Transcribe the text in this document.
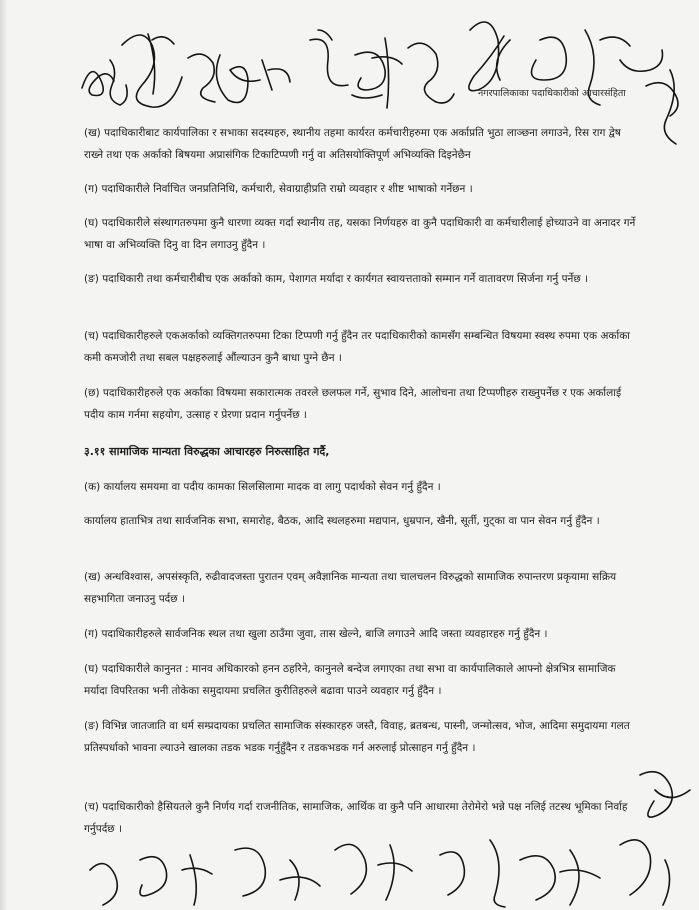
नगरपालिकाका पदाधिकारीको आचारसंहिता

(ख) पदाधिकारीबाट कार्यपालिका र सभाका सदस्यहरु, स्थानीय तहमा कार्यरत कर्मचारीहरुमा एक अर्काप्रति भुठा लाञ्छना लगाउने, रिस राग द्वेष राख्ने तथा एक अर्काको बिषयमा अप्रासंगिक टिकाटिप्पणी गर्नु वा अतिसयोक्तिपूर्ण अभिव्यक्ति दिइनेछैन

(ग) पदाधिकारीले निर्वाचित जनप्रतिनिधि, कर्मचारी, सेवाग्राहीप्रति राम्रो व्यवहार र शीष्ट भाषाको गर्नेछन ।

(घ) पदाधिकारीले संस्थागतरुपमा कुनै धारणा व्यक्त गर्दा स्थानीय तह, यसका निर्णयहरु वा कुनै पदाधिकारी वा कर्मचारीलाई होच्याउने वा अनादर गर्ने भाषा वा अभिव्यक्ति दिनु वा दिन लगाउनु हुँदैन ।

(ङ) पदाधिकारी तथा कर्मचारीबीच एक अर्काको काम, पेशागत मर्यादा र कार्यगत स्वायत्तताको सम्मान गर्ने वातावरण सिर्जना गर्नु पर्नेछ ।

(च) पदाधिकारीहरुले एकअर्काको व्यक्तिगतरुपमा टिका टिप्पणी गर्नु हुँदैन तर पदाधिकारीको कामसँग सम्बन्धित विषयमा स्वस्थ रुपमा एक अर्काका कमी कमजोरी तथा सबल पक्षहरुलाई औंल्याउन कुनै बाधा पुग्ने छैन ।

(छ) पदाधिकारीहरुले एक अर्काका विषयमा सकारात्मक तवरले छलफल गर्ने, सुभाव दिने, आलोचना तथा टिप्पणीहरु राख्नुपर्नेछ र एक अर्कालाई पदीय काम गर्नमा सहयोग, उत्साह र प्रेरणा प्रदान गर्नुपर्नेछ ।

३.११ सामाजिक मान्यता विरुद्धका आचारहरु निरुत्साहित गर्दै,

(क) कार्यालय समयमा वा पदीय कामका सिलसिलामा मादक वा लागु पदार्थको सेवन गर्नु हुँदैन ।

कार्यालय हाताभित्र तथा सार्वजनिक सभा, समारोह, बैठक, आदि स्थलहरुमा मद्यपान, धुम्रपान, खैनी, सूर्ती, गुट्का वा पान सेवन गर्नु हुँदैन ।

(ख) अन्धविश्वास, अपसंस्कृति, रुढीवादजस्ता पुरातन एवम् अवैज्ञानिक मान्यता तथा चालचलन विरुद्धको सामाजिक रुपान्तरण प्रकृयामा सक्रिय सहभागिता जनाउनु पर्दछ ।

(ग) पदाधिकारीहरुले सार्वजनिक स्थल तथा खुला ठाउँमा जुवा, तास खेल्ने, बाजि लगाउने आदि जस्ता व्यवहारहरु गर्नु हुँदैन ।

(घ) पदाधिकारीले कानुनत : मानव अधिकारको हनन ठहरिने, कानुनले बन्देज लगाएका तथा सभा वा कार्यपालिकाले आफ्नो क्षेत्रभित्र सामाजिक मर्यादा विपरितका भनी तोकेका समुदायमा प्रचलित कुरीतिहरुले बढावा पाउने व्यवहार गर्नु हुँदैन ।

(ङ) विभिन्न जातजाति वा धर्म सम्प्रदायका प्रचलित सामाजिक संस्कारहरु जस्तै, विवाह, ब्रतबन्ध, पास्नी, जन्मोत्सव, भोज, आदिमा समुदायमा गलत प्रतिस्पर्धाको भावना ल्याउने खालका तडक भडक गर्नुहुँदैन र तडकभडक गर्न अरुलाई प्रोत्साहन गर्नु हुँदैन ।

(च) पदाधिकारीको हैसियतले कुनै निर्णय गर्दा राजनीतिक, सामाजिक, आर्थिक वा कुनै पनि आधारमा तेरोमेरो भन्ने पक्ष नलिई तटस्थ भूमिका निर्वाह गर्नुपर्दछ ।
